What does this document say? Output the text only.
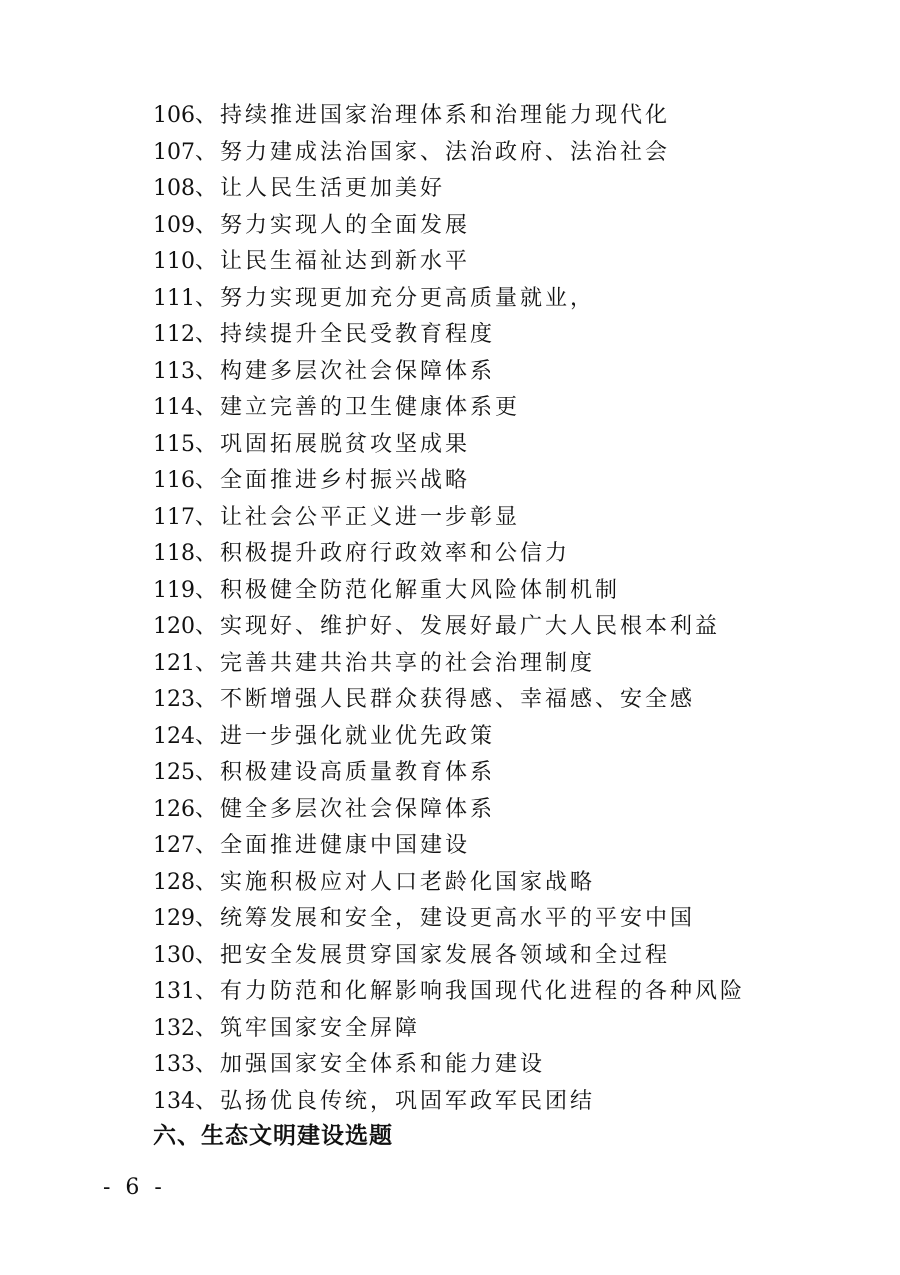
106、持续推进国家治理体系和治理能力现代化
107、努力建成法治国家、法治政府、法治社会
108、让人民生活更加美好
109、努力实现人的全面发展
110、让民生福祉达到新水平
111、努力实现更加充分更高质量就业，
112、持续提升全民受教育程度
113、构建多层次社会保障体系
114、建立完善的卫生健康体系更
115、巩固拓展脱贫攻坚成果
116、全面推进乡村振兴战略
117、让社会公平正义进一步彰显
118、积极提升政府行政效率和公信力
119、积极健全防范化解重大风险体制机制
120、实现好、维护好、发展好最广大人民根本利益
121、完善共建共治共享的社会治理制度
123、不断增强人民群众获得感、幸福感、安全感
124、进一步强化就业优先政策
125、积极建设高质量教育体系
126、健全多层次社会保障体系
127、全面推进健康中国建设
128、实施积极应对人口老龄化国家战略
129、统筹发展和安全，建设更高水平的平安中国
130、把安全发展贯穿国家发展各领域和全过程
131、有力防范和化解影响我国现代化进程的各种风险
132、筑牢国家安全屏障
133、加强国家安全体系和能力建设
134、弘扬优良传统，巩固军政军民团结
六、生态文明建设选题
- 6 -
